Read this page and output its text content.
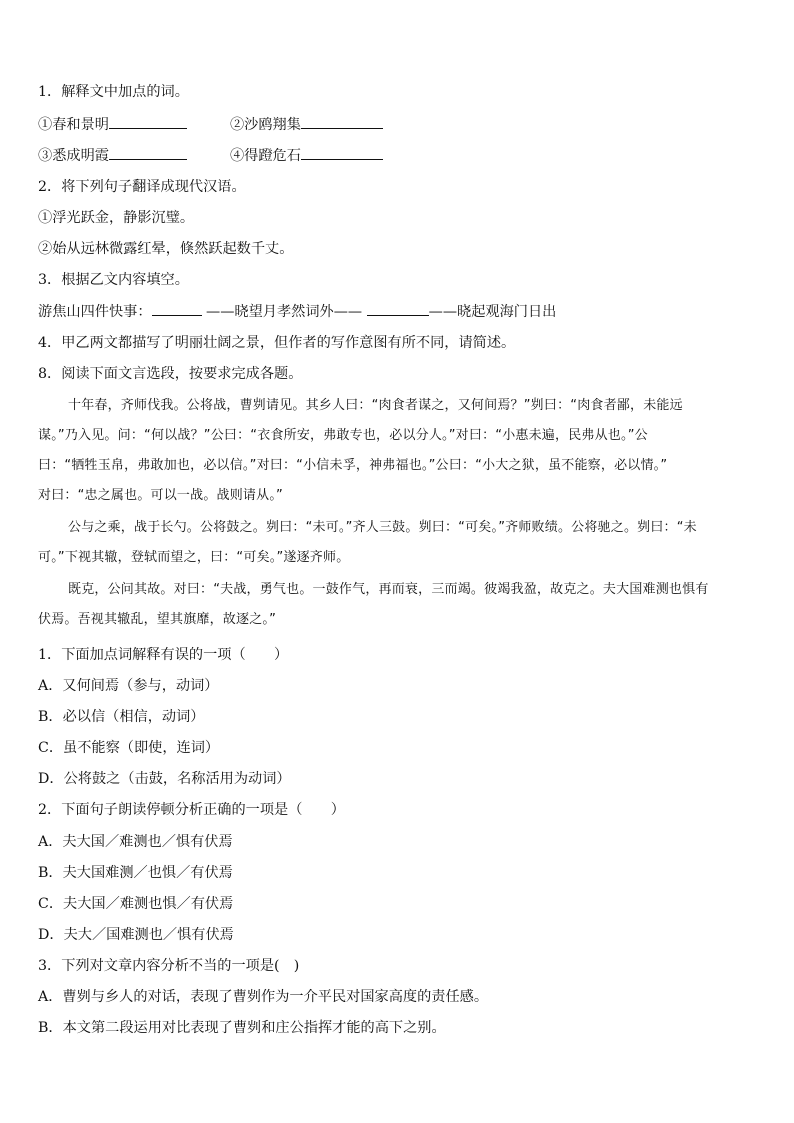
1．解释文中加点的词。
①春和景明	②沙鸥翔集
③悉成明霞	④得蹬危石
2．将下列句子翻译成现代汉语。
①浮光跃金，静影沉璧。
②始从远林微露红晕，倏然跃起数千丈。
3．根据乙文内容填空。
游焦山四件快事：	——晓望月孝然词外——	——晓起观海门日出
4．甲乙两文都描写了明丽壮阔之景，但作者的写作意图有所不同，请简述。
8．阅读下面文言选段，按要求完成各题。
十年春，齐师伐我。公将战，曹刿请见。其乡人曰：“肉食者谋之，又何间焉？”刿曰：“肉食者鄙，未能远
谋。”乃入见。问：“何以战？”公曰：“衣食所安，弗敢专也，必以分人。”对曰：“小惠未遍，民弗从也。”公
曰：“牺牲玉帛，弗敢加也，必以信。”对曰：“小信未孚，神弗福也。”公曰：“小大之狱，虽不能察，必以情。”
对曰：“忠之属也。可以一战。战则请从。”
公与之乘，战于长勺。公将鼓之。刿曰：“未可。”齐人三鼓。刿曰：“可矣。”齐师败绩。公将驰之。刿曰：“未
可。”下视其辙，登轼而望之，曰：“可矣。”遂逐齐师。
既克，公问其故。对曰：“夫战，勇气也。一鼓作气，再而衰，三而竭。彼竭我盈，故克之。夫大国难测也惧有
伏焉。吾视其辙乱，望其旗靡，故逐之。”
1．下面加点词解释有误的一项（　　）
A．又何间焉（参与，动词）
B．必以信（相信，动词）
C．虽不能察（即使，连词）
D．公将鼓之（击鼓，名称活用为动词）
2．下面句子朗读停顿分析正确的一项是（　　）
A．夫大国／难测也／惧有伏焉
B．夫大国难测／也惧／有伏焉
C．夫大国／难测也惧／有伏焉
D．夫大／国难测也／惧有伏焉
3．下列对文章内容分析不当的一项是(　)
A．曹刿与乡人的对话，表现了曹刿作为一介平民对国家高度的责任感。
B．本文第二段运用对比表现了曹刿和庄公指挥才能的高下之别。
